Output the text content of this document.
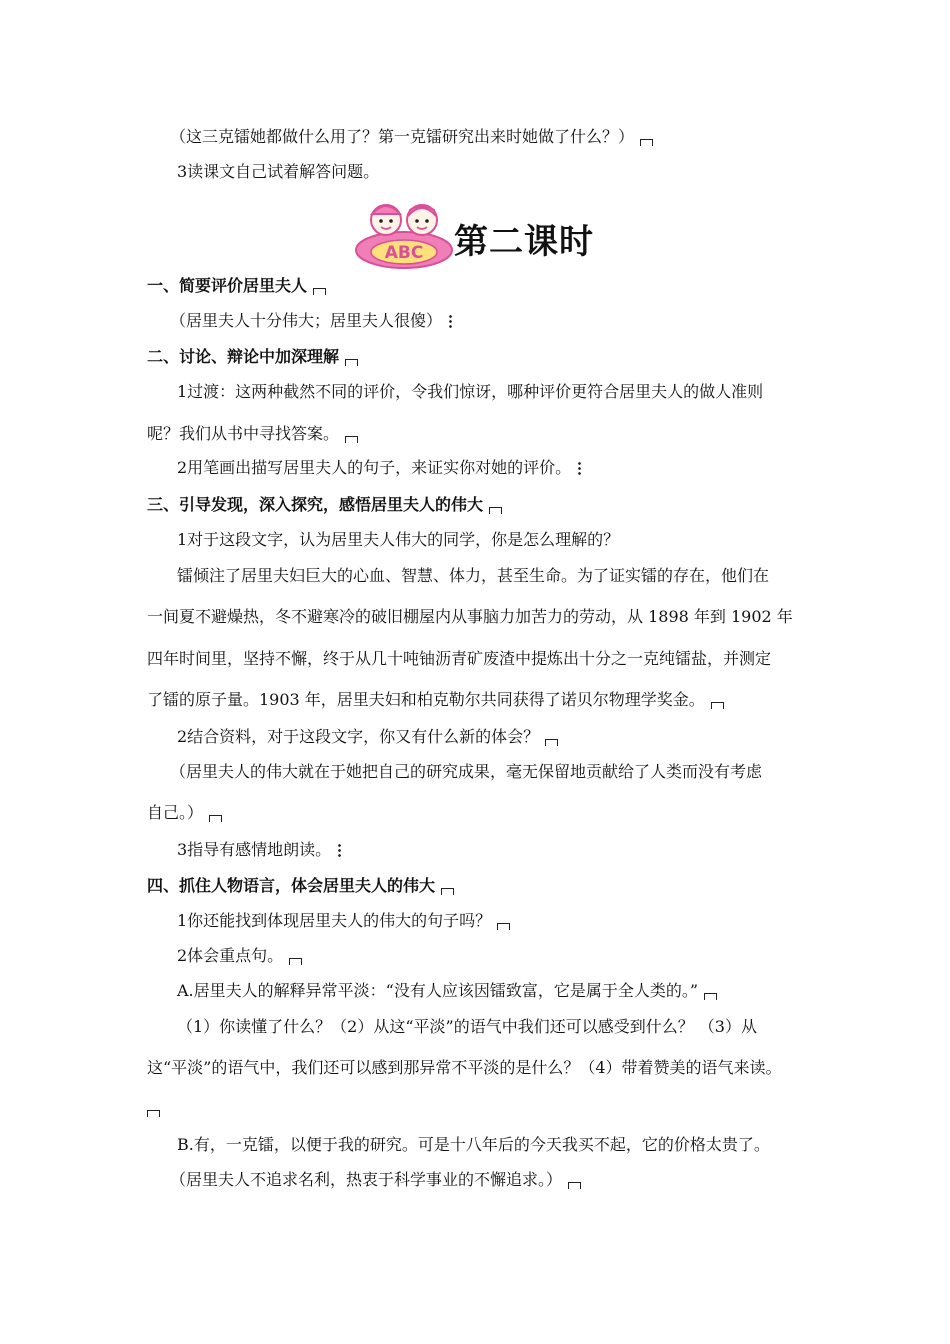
（这三克镭她都做什么用了？第一克镭研究出来时她做了什么？）
3读课文自己试着解答问题。
ABC 第二课时
一、简要评价居里夫人
（居里夫人十分伟大；居里夫人很傻）
二、讨论、辩论中加深理解
1过渡：这两种截然不同的评价，令我们惊讶，哪种评价更符合居里夫人的做人准则
呢？我们从书中寻找答案。
2用笔画出描写居里夫人的句子，来证实你对她的评价。
三、引导发现，深入探究，感悟居里夫人的伟大
1对于这段文字，认为居里夫人伟大的同学，你是怎么理解的？
镭倾注了居里夫妇巨大的心血、智慧、体力，甚至生命。为了证实镭的存在，他们在
一间夏不避燥热，冬不避寒冷的破旧棚屋内从事脑力加苦力的劳动，从 1898 年到 1902 年
四年时间里，坚持不懈，终于从几十吨铀沥青矿废渣中提炼出十分之一克纯镭盐，并测定
了镭的原子量。1903 年，居里夫妇和柏克勒尔共同获得了诺贝尔物理学奖金。
2结合资料，对于这段文字，你又有什么新的体会？
（居里夫人的伟大就在于她把自己的研究成果，毫无保留地贡献给了人类而没有考虑
自己。）
3指导有感情地朗读。
四、抓住人物语言，体会居里夫人的伟大
1你还能找到体现居里夫人的伟大的句子吗？
2体会重点句。
A.居里夫人的解释异常平淡：“没有人应该因镭致富，它是属于全人类的。”
（1）你读懂了什么？（2）从这“平淡”的语气中我们还可以感受到什么？ （3）从
这“平淡”的语气中，我们还可以感到那异常不平淡的是什么？（4）带着赞美的语气来读。
B.有，一克镭，以便于我的研究。可是十八年后的今天我买不起，它的价格太贵了。
（居里夫人不追求名利，热衷于科学事业的不懈追求。）
